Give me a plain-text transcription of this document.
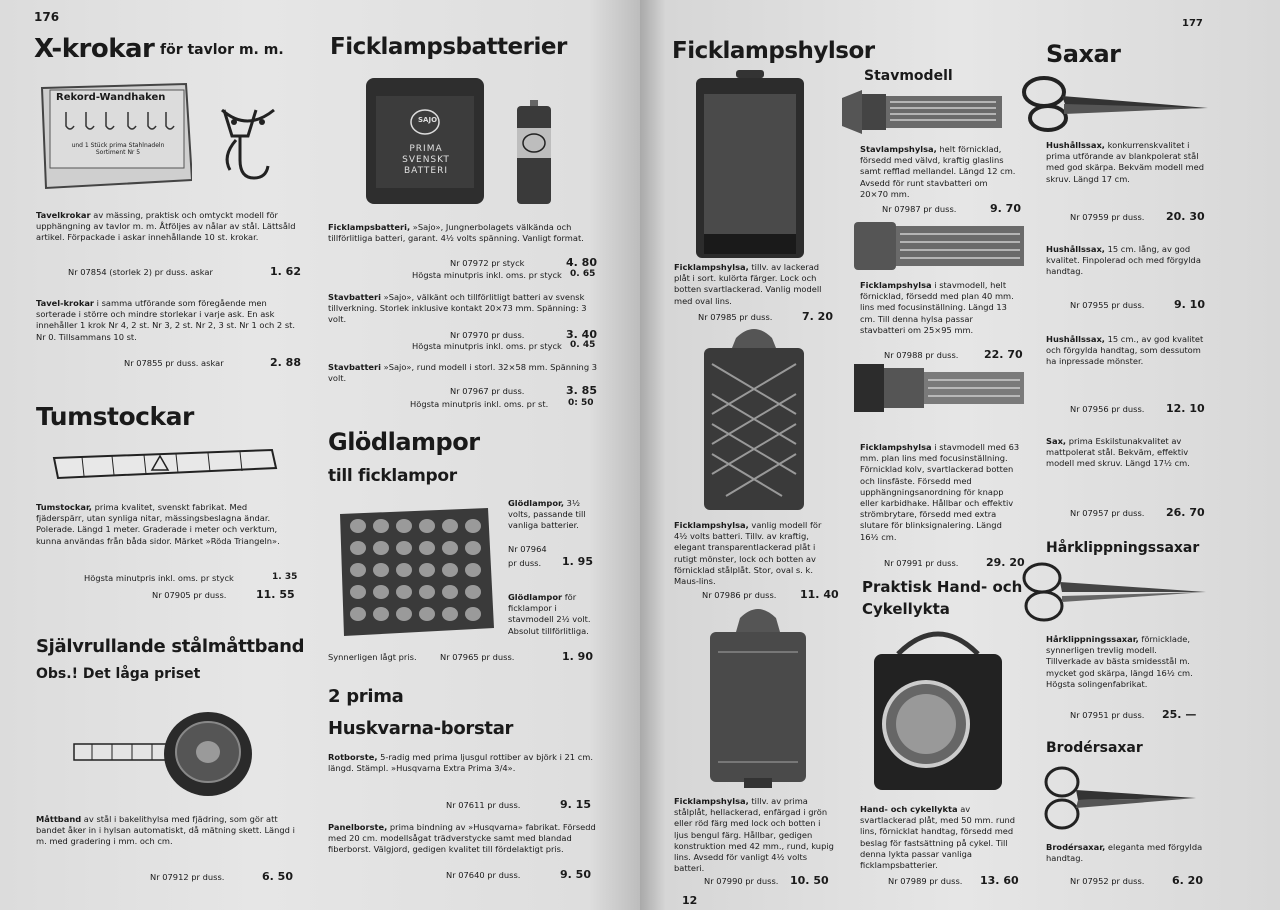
176
X-krokar för tavlor m. m.
Rekord-Wandhaken
und 1 Stück prima Stahlnadeln Sortiment Nr 5
Tavelkrokar av mässing, praktisk och omtyckt modell för upphängning av tavlor m. m. Åtföljes av nålar av stål. Lättsåld artikel. Förpackade i askar innehållande 10 st. krokar.
Nr 07854 (storlek 2) pr duss. askar	1. 62
Tavel-krokar i samma utförande som föregående men sorterade i större och mindre storlekar i varje ask. En ask innehåller 1 krok Nr 4, 2 st. Nr 3, 2 st. Nr 2, 3 st. Nr 1 och 2 st. Nr 0. Tillsammans 10 st.
Nr 07855 pr duss. askar	2. 88
Tumstockar
Tumstockar, prima kvalitet, svenskt fabrikat. Med fjäderspärr, utan synliga nitar, mässingsbeslagna ändar. Polerade. Längd 1 meter. Graderade i meter och verktum, kunna användas från båda sidor. Märket »Röda Triangeln».
Högsta minutpris inkl. oms. pr styck	1. 35
Nr 07905 pr duss.	11. 55
Självrullande stålmåttband
Obs.! Det låga priset
Måttband av stål i bakelithylsa med fjädring, som gör att bandet åker in i hylsan automatiskt, då mätning skett. Längd i m. med gradering i mm. och cm.
Nr 07912 pr duss.	6. 50
Ficklampsbatterier
SAJO
PRIMA
SVENSKT
BATTERI
Ficklampsbatteri, »Sajo», Jungnerbolagets välkända och tillförlitliga batteri, garant. 4½ volts spänning. Vanligt format.
Nr 07972 pr styck	4. 80
Högsta minutpris inkl. oms. pr styck 0. 65
Stavbatteri »Sajo», välkänt och tillförlitligt batteri av svensk tillverkning. Storlek inklusive kontakt 20×73 mm. Spänning: 3 volt.
Nr 07970 pr duss.	3. 40
Högsta minutpris inkl. oms. pr styck 0. 45
Stavbatteri »Sajo», rund modell i storl. 32×58 mm. Spänning 3 volt.
Nr 07967 pr duss.	3. 85
Högsta minutpris inkl. oms. pr st. 0: 50
Glödlampor
till ficklampor
Glödlampor, 3½ volts, passande till vanliga batterier.
Nr 07964
pr duss. 1. 95
Glödlampor för ficklampor i stavmodell 2½ volt. Absolut tillförlitliga.
Synnerligen lågt pris.	Nr 07965 pr duss.	1. 90
2 prima
Huskvarna-borstar
Rotborste, 5-radig med prima ljusgul rottiber av björk i 21 cm. längd. Stämpl. »Husqvarna Extra Prima 3/4».
Nr 07611 pr duss.	9. 15
Panelborste, prima bindning av »Husqvarna» fabrikat. Försedd med 20 cm. modellsågat trädverstycke samt med blandad fiberborst. Välgjord, gedigen kvalitet till fördelaktigt pris.
Nr 07640 pr duss.	9. 50
177
12
Ficklampshylsor
Ficklampshylsa, tillv. av lackerad plåt i sort. kulörta färger. Lock och botten svartlackerad. Vanlig modell med oval lins.
Nr 07985 pr duss.	7. 20
Ficklampshylsa, vanlig modell för 4½ volts batteri. Tillv. av kraftig, elegant transparentlackerad plåt i rutigt mönster, lock och botten av förnicklad stålplåt. Stor, oval s. k. Maus-lins.
Nr 07986 pr duss. 11. 40
Ficklampshylsa, tillv. av prima stålplåt, hellackerad, enfärgad i grön eller röd färg med lock och botten i ljus bengul färg. Hållbar, gedigen konstruktion med 42 mm., rund, kupig lins. Avsedd för vanligt 4½ volts batteri.
Nr 07990 pr duss. 10. 50
Stavmodell
Stavlampshylsa, helt förnicklad, försedd med välvd, kraftig glaslins samt refflad mellandel. Längd 12 cm. Avsedd för runt stavbatteri om 20×70 mm.
Nr 07987 pr duss.	9. 70
Ficklampshylsa i stavmodell, helt förnicklad, försedd med plan 40 mm. lins med focusinställning. Längd 13 cm. Till denna hylsa passar stavbatteri om 25×95 mm.
Nr 07988 pr duss. 22. 70
Ficklampshylsa i stavmodell med 63 mm. plan lins med focusinställning. Förnicklad kolv, svartlackerad botten och linsfäste. Försedd med upphängningsanordning för knapp eller karbidhake. Hållbar och effektiv strömbrytare, försedd med extra slutare för blinksignalering. Längd 16½ cm.
Nr 07991 pr duss.	29. 20
Praktisk Hand- och
Cykellykta
Hand- och cykellykta av svartlackerad plåt, med 50 mm. rund lins, förnicklat handtag, försedd med beslag för fastsättning på cykel. Till denna lykta passar vanliga ficklampsbatterier.
Nr 07989 pr duss. 13. 60
Saxar
Hushållssax, konkurrenskvalitet i prima utförande av blankpolerat stål med god skärpa. Bekväm modell med skruv. Längd 17 cm.
Nr 07959 pr duss. 20. 30
Hushållssax, 15 cm. lång, av god kvalitet. Finpolerad och med förgylda handtag.
Nr 07955 pr duss.	9. 10
Hushållssax, 15 cm., av god kvalitet och förgylda handtag, som dessutom ha inpressade mönster.
Nr 07956 pr duss. 12. 10
Sax, prima Eskilstunakvalitet av mattpolerat stål. Bekväm, effektiv modell med skruv. Längd 17½ cm.
Nr 07957 pr duss. 26. 70
Hårklippningssaxar
Hårklippningssaxar, förnicklade, synnerligen trevlig modell. Tillverkade av bästa smidesstål m. mycket god skärpa, längd 16½ cm. Högsta solingenfabrikat.
Nr 07951 pr duss. 25. —
Brodérsaxar
Brodérsaxar, eleganta med förgylda handtag.
Nr 07952 pr duss.	6. 20
